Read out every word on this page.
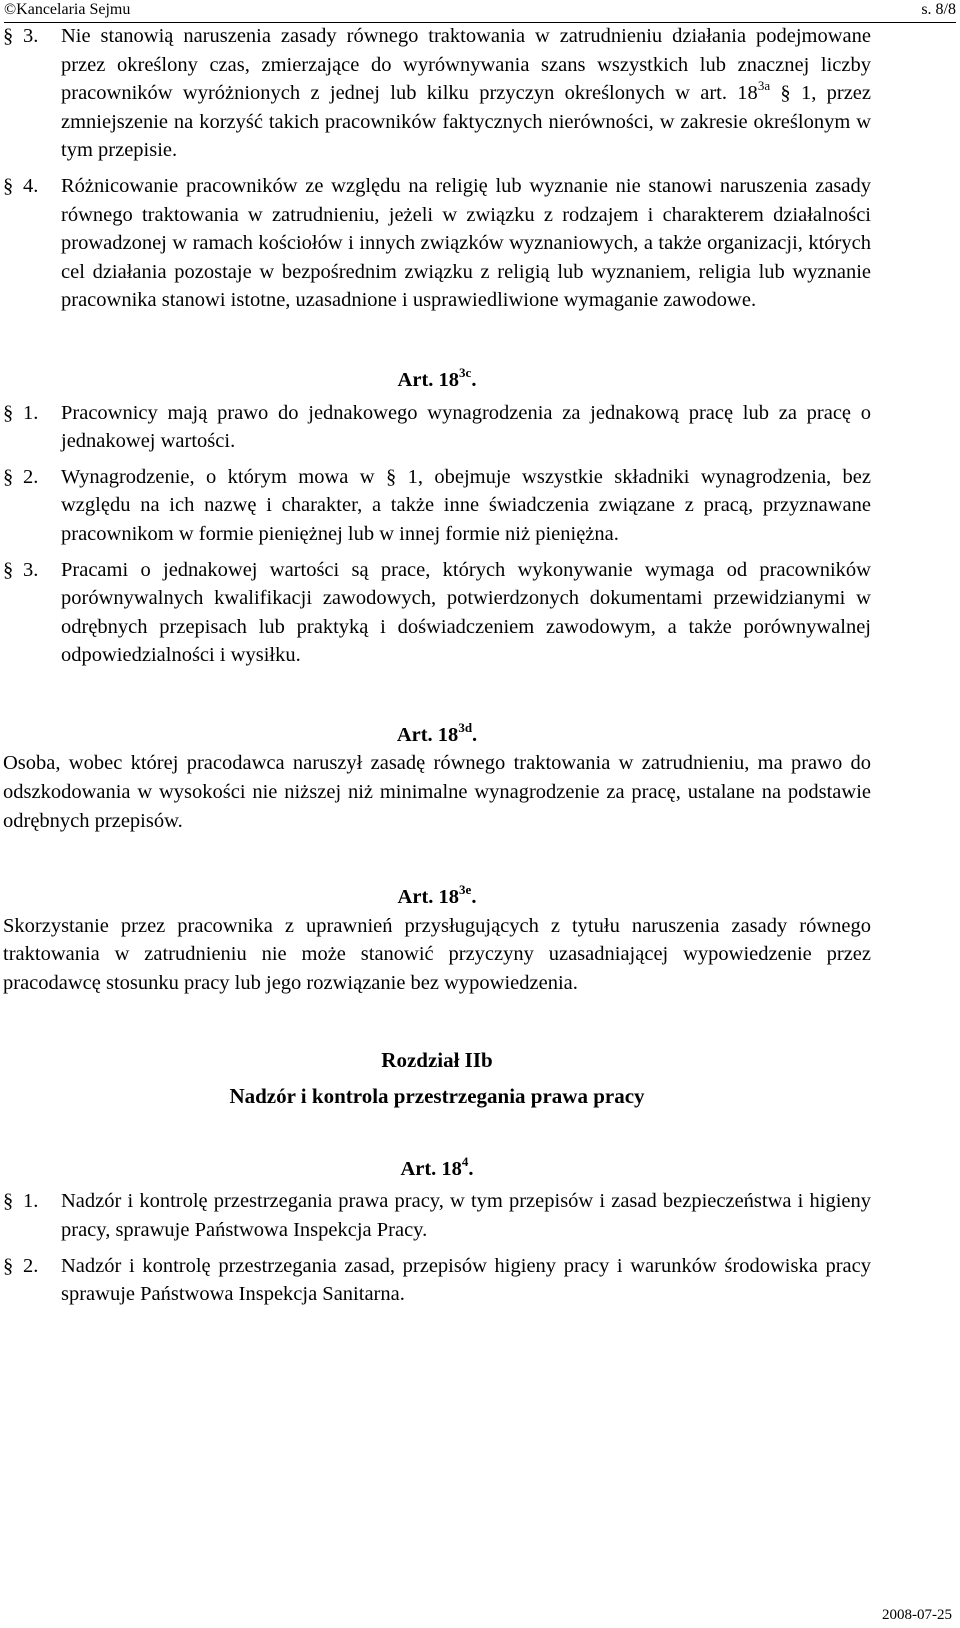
©Kancelaria Sejmu	s. 8/8

§ 3. Nie stanowią naruszenia zasady równego traktowania w zatrudnieniu działania podejmowane przez określony czas, zmierzające do wyrównywania szans wszystkich lub znacznej liczby pracowników wyróżnionych z jednej lub kilku przyczyn określonych w art. $18^{3a}$ § 1, przez zmniejszenie na korzyść takich pracowników faktycznych nierówności, w zakresie określonym w tym przepisie.

§ 4. Różnicowanie pracowników ze względu na religię lub wyznanie nie stanowi naruszenia zasady równego traktowania w zatrudnieniu, jeżeli w związku z rodzajem i charakterem działalności prowadzonej w ramach kościołów i innych związków wyznaniowych, a także organizacji, których cel działania pozostaje w bezpośrednim związku z religią lub wyznaniem, religia lub wyznanie pracownika stanowi istotne, uzasadnione i usprawiedliwione wymaganie zawodowe.

Art. $18^{3c}$.

§ 1. Pracownicy mają prawo do jednakowego wynagrodzenia za jednakową pracę lub za pracę o jednakowej wartości.

§ 2. Wynagrodzenie, o którym mowa w § 1, obejmuje wszystkie składniki wynagrodzenia, bez względu na ich nazwę i charakter, a także inne świadczenia związane z pracą, przyznawane pracownikom w formie pieniężnej lub w innej formie niż pieniężna.

§ 3. Pracami o jednakowej wartości są prace, których wykonywanie wymaga od pracowników porównywalnych kwalifikacji zawodowych, potwierdzonych dokumentami przewidzianymi w odrębnych przepisach lub praktyką i doświadczeniem zawodowym, a także porównywalnej odpowiedzialności i wysiłku.

Art. $18^{3d}$.

Osoba, wobec której pracodawca naruszył zasadę równego traktowania w zatrudnieniu, ma prawo do odszkodowania w wysokości nie niższej niż minimalne wynagrodzenie za pracę, ustalane na podstawie odrębnych przepisów.

Art. $18^{3e}$.

Skorzystanie przez pracownika z uprawnień przysługujących z tytułu naruszenia zasady równego traktowania w zatrudnieniu nie może stanowić przyczyny uzasadniającej wypowiedzenie przez pracodawcę stosunku pracy lub jego rozwiązanie bez wypowiedzenia.

Rozdział IIb

Nadzór i kontrola przestrzegania prawa pracy

Art. $18^4$.

§ 1. Nadzór i kontrolę przestrzegania prawa pracy, w tym przepisów i zasad bezpieczeństwa i higieny pracy, sprawuje Państwowa Inspekcja Pracy.

§ 2. Nadzór i kontrolę przestrzegania zasad, przepisów higieny pracy i warunków środowiska pracy sprawuje Państwowa Inspekcja Sanitarna.

2008-07-25
